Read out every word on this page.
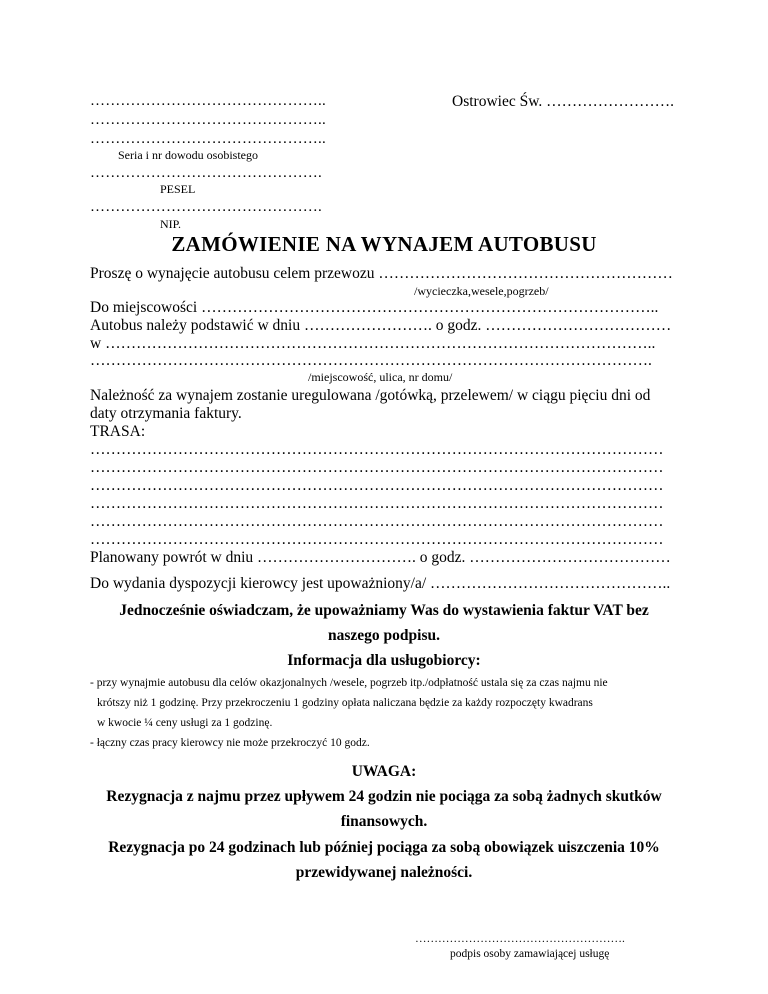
………………………………………..
………………………………………..
………………………………………..
Seria i nr dowodu osobistego
……………………………………….
PESEL
……………………………………….
NIP.
Ostrowiec Św. …………………….
ZAMÓWIENIE NA WYNAJEM AUTOBUSU
Proszę o wynajęcie autobusu celem przewozu …………………………………………………
/wycieczka,wesele,pogrzeb/
Do miejscowości ……………………………………………………………………………..
Autobus należy podstawić w dniu ……………………. o godz. ………………………………
w ……………………………………………………………………………………………..
……………………………………………………………………………………………….
/miejscowość, ulica, nr domu/
Należność za wynajem zostanie uregulowana /gotówką, przelewem/ w ciągu pięciu dni od
daty otrzymania faktury.
TRASA:
…………………………………………………………………………………………………
…………………………………………………………………………………………………
…………………………………………………………………………………………………
…………………………………………………………………………………………………
…………………………………………………………………………………………………
…………………………………………………………………………………………………
Planowany powrót w dniu …………………………. o godz. …………………………………
Do wydania dyspozycji kierowcy jest upoważniony/a/ ………………………………………..
Jednocześnie oświadczam, że upoważniamy Was do wystawienia faktur VAT bez
naszego podpisu.
Informacja dla usługobiorcy:
- przy wynajmie autobusu dla celów okazjonalnych /wesele, pogrzeb itp./odpłatność ustala się za czas najmu nie
krótszy niż 1 godzinę. Przy przekroczeniu 1 godziny opłata naliczana będzie za każdy rozpoczęty kwadrans
w kwocie ¼ ceny usługi za 1 godzinę.
- łączny czas pracy kierowcy nie może przekroczyć 10 godz.
UWAGA:
Rezygnacja z najmu przez upływem 24 godzin nie pociąga za sobą żadnych skutków
finansowych.
Rezygnacja po 24 godzinach lub później pociąga za sobą obowiązek uiszczenia 10%
przewidywanej należności.
……………………………………………….
podpis osoby zamawiającej usługę
